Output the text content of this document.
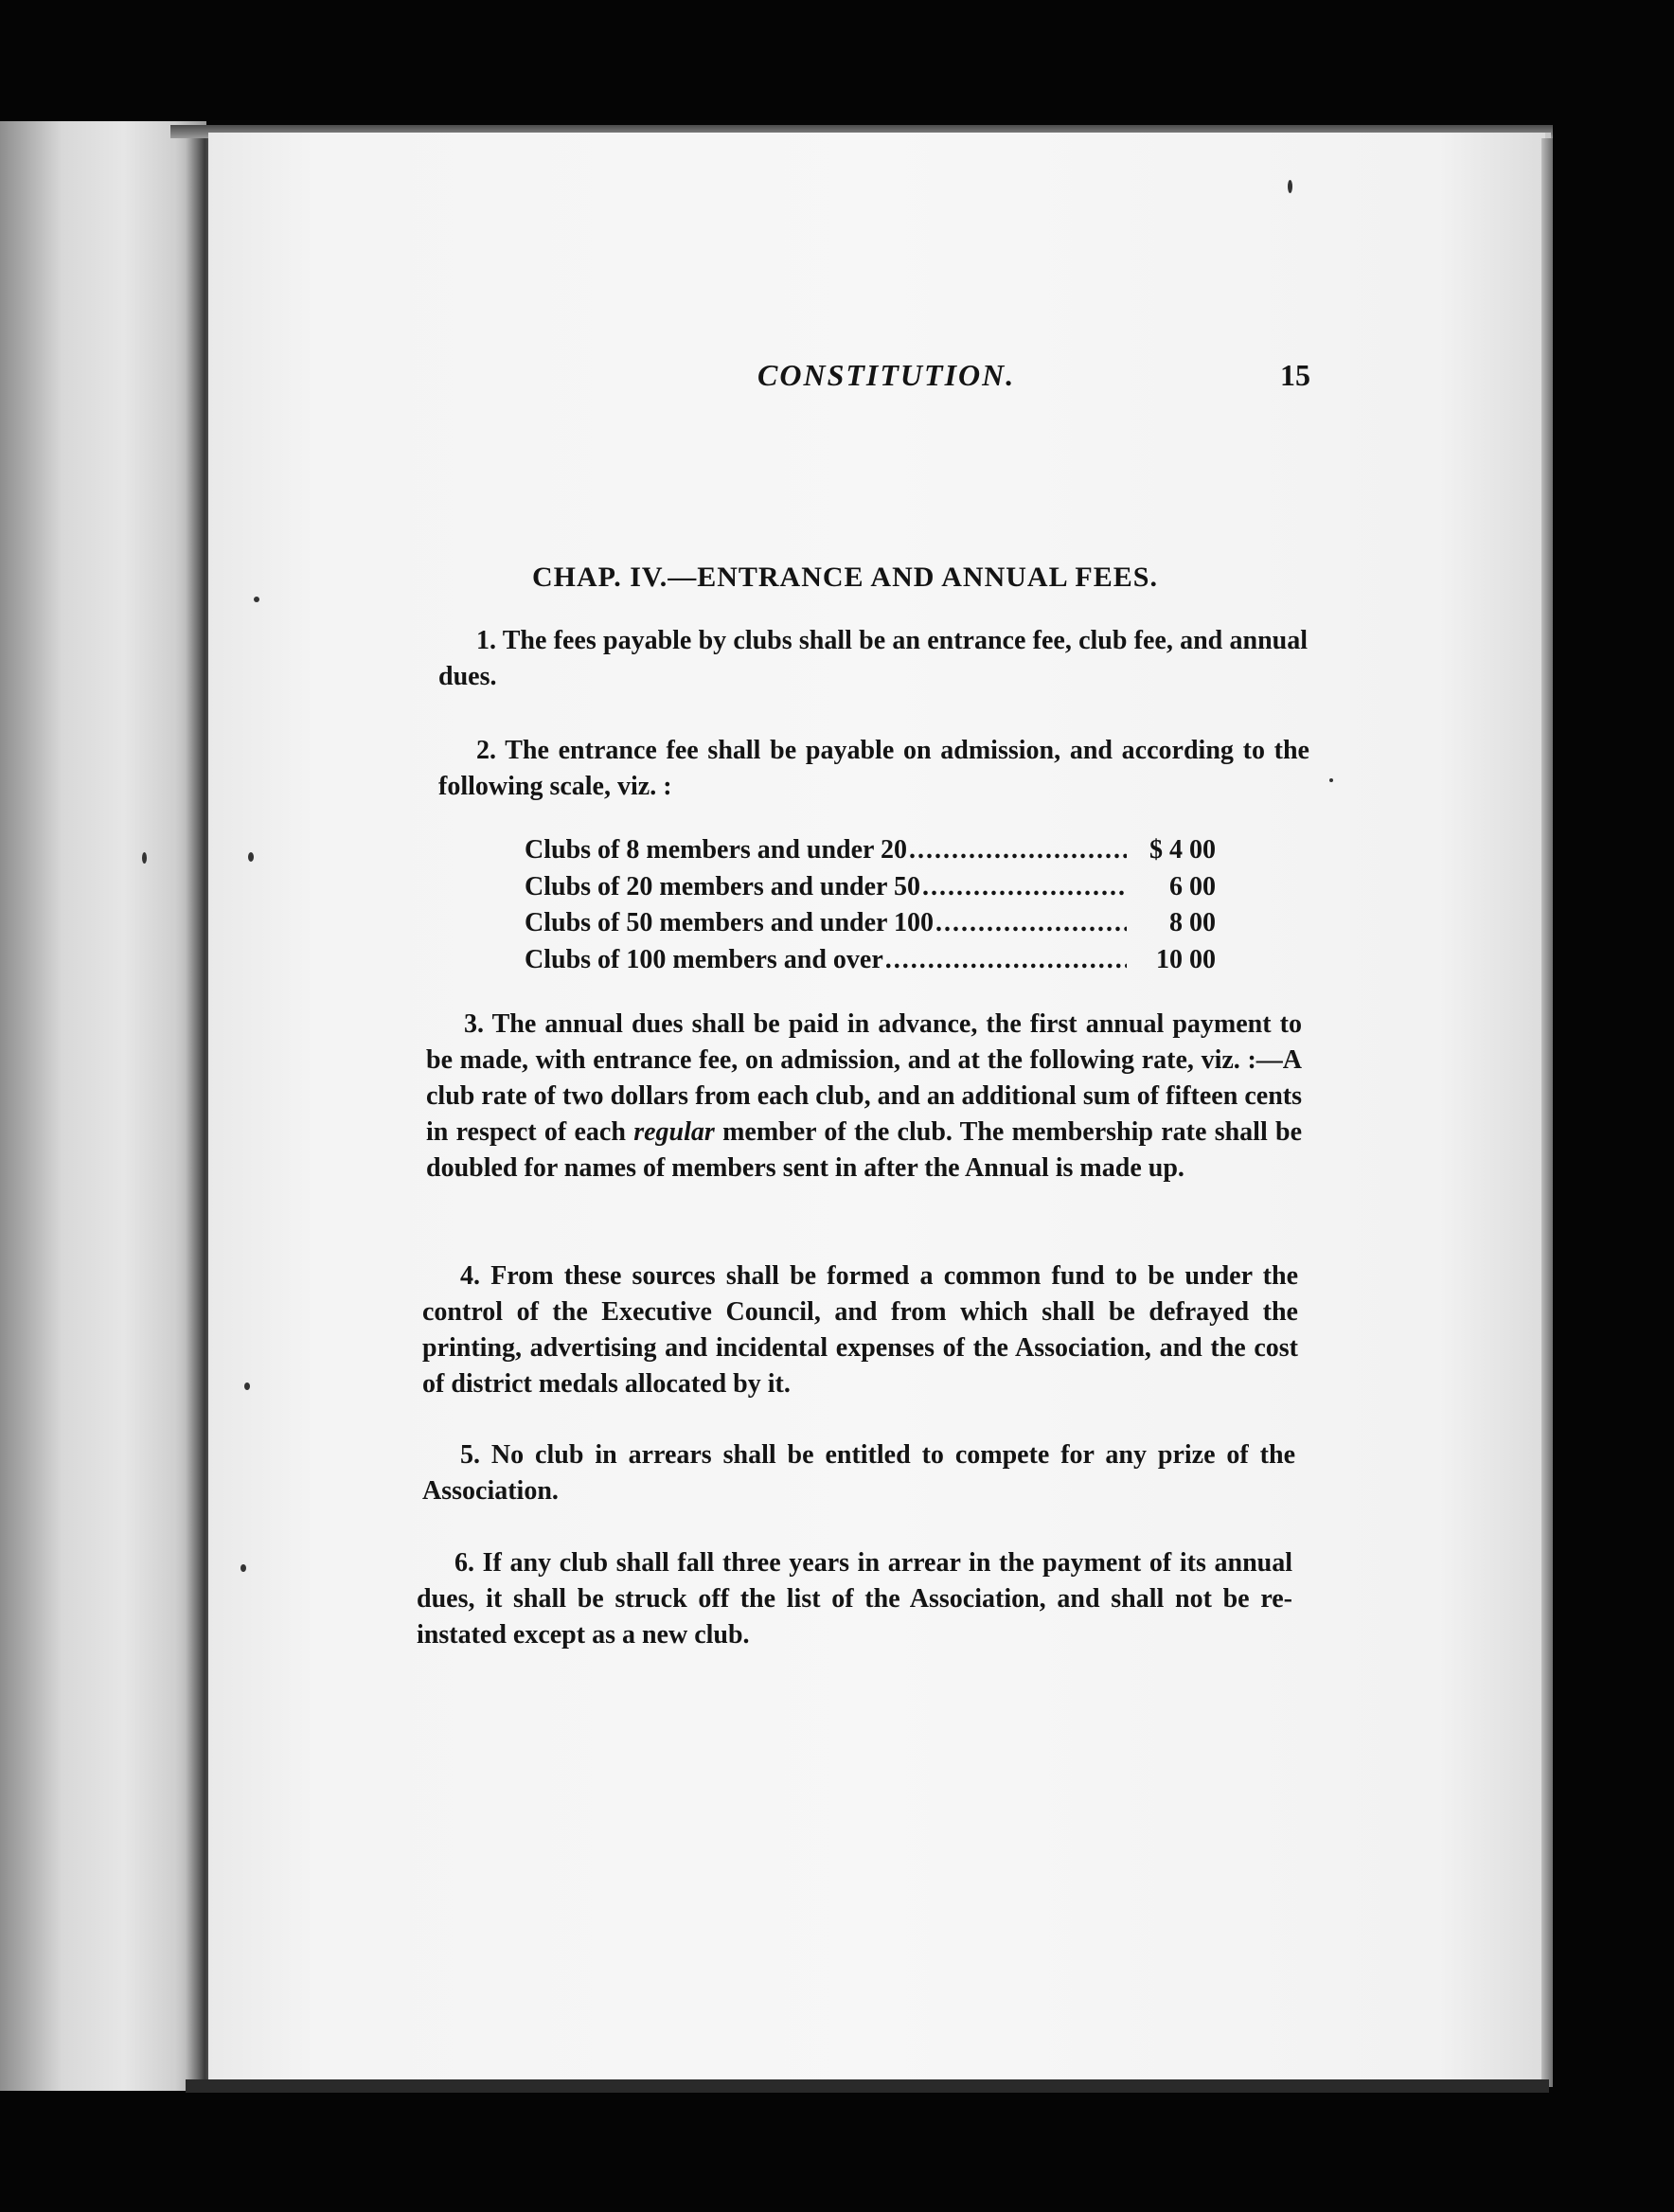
CONSTITUTION.	15
CHAP. IV.—ENTRANCE AND ANNUAL FEES.
1. The fees payable by clubs shall be an entrance fee, club fee, and annual dues.
2. The entrance fee shall be payable on admission, and according to the following scale, viz. :
Clubs of 8 members and under 20 .....	$ 4 00
Clubs of 20 members and under 50 .....	6 00
Clubs of 50 members and under 100 .....	8 00
Clubs of 100 members and over .....	10 00
3. The annual dues shall be paid in advance, the first annual payment to be made, with entrance fee, on admission, and at the following rate, viz. :—A club rate of two dollars from each club, and an additional sum of fifteen cents in respect of each regular member of the club. The membership rate shall be doubled for names of members sent in after the Annual is made up.
4. From these sources shall be formed a common fund to be under the control of the Executive Council, and from which shall be defrayed the printing, advertising and incidental expenses of the Association, and the cost of district medals allocated by it.
5. No club in arrears shall be entitled to compete for any prize of the Association.
6. If any club shall fall three years in arrear in the payment of its annual dues, it shall be struck off the list of the Association, and shall not be re-instated except as a new club.
